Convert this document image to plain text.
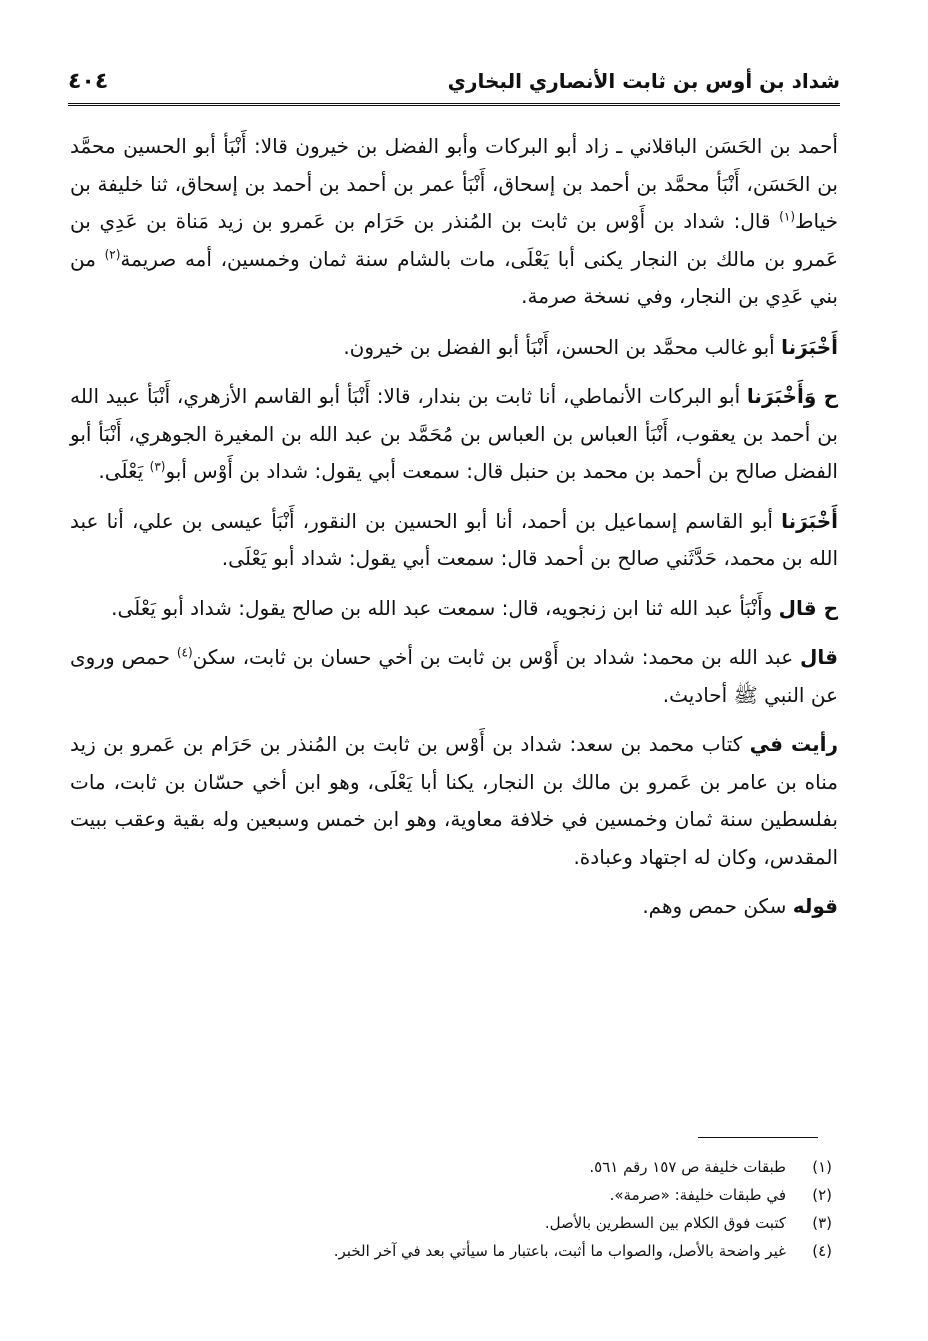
شداد بن أوس بن ثابت الأنصاري البخاري
٤٠٤

أحمد بن الحَسَن الباقلاني ـ زاد أبو البركات وأبو الفضل بن خيرون قالا: أَنْبَأ أبو الحسين محمَّد بن الحَسَن، أَنْبَأ محمَّد بن أحمد بن إسحاق، أَنْبَأ عمر بن أحمد بن أحمد بن إسحاق، ثنا خليفة بن خياط$^{(١)}$ قال: شداد بن أَوْس بن ثابت بن المُنذر بن حَرَام بن عَمرو بن زيد مَناة بن عَدِي بن عَمرو بن مالك بن النجار يكنى أبا يَعْلَى، مات بالشام سنة ثمان وخمسين، أمه صريمة$^{(٢)}$ من بني عَدِي بن النجار، وفي نسخة صرمة.

أَخْبَرَنا أبو غالب محمَّد بن الحسن، أَنْبَأ أبو الفضل بن خيرون.

ح وَأَخْبَرَنا أبو البركات الأنماطي، أنا ثابت بن بندار، قالا: أَنْبَأ أبو القاسم الأزهري، أَنْبَأ عبيد الله بن أحمد بن يعقوب، أَنْبَأ العباس بن العباس بن مُحَمَّد بن عبد الله بن المغيرة الجوهري، أَنْبَأ أبو الفضل صالح بن أحمد بن محمد بن حنبل قال: سمعت أبي يقول: شداد بن أَوْس أبو$^{(٣)}$ يَعْلَى.

أَخْبَرَنا أبو القاسم إسماعيل بن أحمد، أنا أبو الحسين بن النقور، أَنْبَأ عيسى بن علي، أنا عبد الله بن محمد، حَدَّثَني صالح بن أحمد قال: سمعت أبي يقول: شداد أبو يَعْلَى.

ح قال وأَنْبَأ عبد الله ثنا ابن زنجويه، قال: سمعت عبد الله بن صالح يقول: شداد أبو يَعْلَى.

قال عبد الله بن محمد: شداد بن أَوْس بن ثابت بن أخي حسان بن ثابت، سكن$^{(٤)}$ حمص وروى عن النبي ﷺ أحاديث.

رأيت في كتاب محمد بن سعد: شداد بن أَوْس بن ثابت بن المُنذر بن حَرَام بن عَمرو بن زيد مناه بن عامر بن عَمرو بن مالك بن النجار، يكنا أبا يَعْلَى، وهو ابن أخي حسّان بن ثابت، مات بفلسطين سنة ثمان وخمسين في خلافة معاوية، وهو ابن خمس وسبعين وله بقية وعقب ببيت المقدس، وكان له اجتهاد وعبادة.

قوله سكن حمص وهم.

(١)
طبقات خليفة ص ١٥٧ رقم ٥٦١.
(٢)
في طبقات خليفة: «صرمة».
(٣)
كتبت فوق الكلام بين السطرين بالأصل.
(٤)
غير واضحة بالأصل، والصواب ما أثبت، باعتبار ما سيأتي بعد في آخر الخبر.
